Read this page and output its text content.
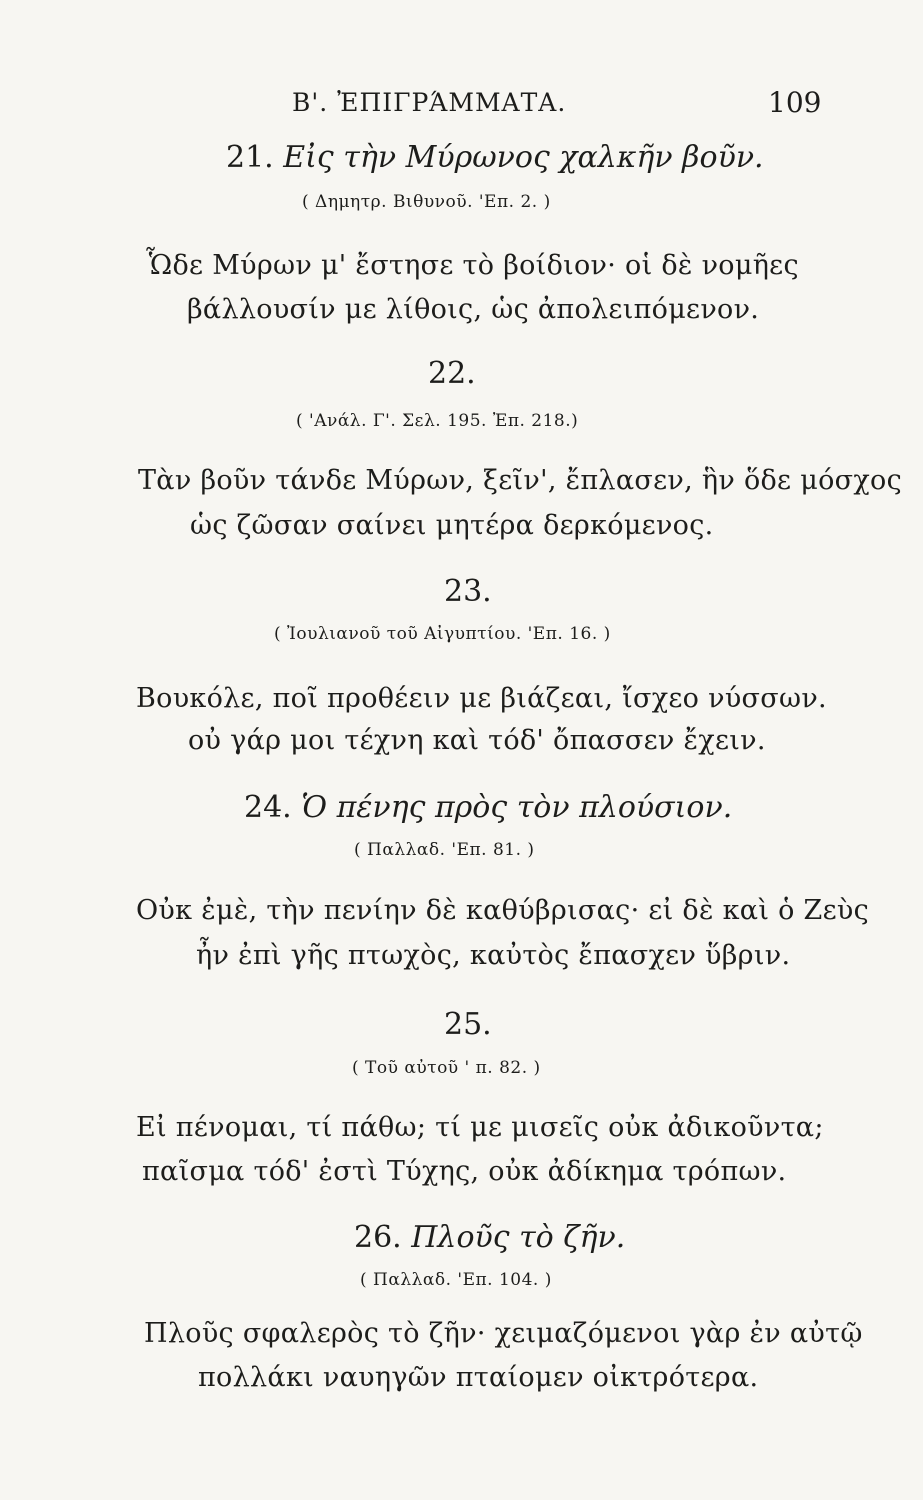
Β'. ἘΠΙΓΡΆΜΜΑΤΑ.	109
21. Εἰς τὴν Μύρωνος χαλκῆν βοῦν.
( Δημητρ. Βιθυνοῦ. 'Επ. 2. )
Ὧδε Μύρων μ' ἔστησε τὸ βοίδιον· οἱ δὲ νομῆες
βάλλουσίν με λίθοις, ὡς ἀπολειπόμενον.
22.
( 'Ανάλ. Γ'. Σελ. 195. Ἐπ. 218.)
Τὰν βοῦν τάνδε Μύρων, ξεῖν', ἔπλασεν, ἣν ὅδε μόσχος
ὡς ζῶσαν σαίνει μητέρα δερκόμενος.
23.
( Ἰουλιανοῦ τοῦ Αἰγυπτίου. 'Επ. 16. )
Βουκόλε, ποῖ προθέειν με βιάζεαι, ἴσχεο νύσσων.
οὐ γάρ μοι τέχνη καὶ τόδ' ὄπασσεν ἔχειν.
24. Ὁ πένης πρὸς τὸν πλούσιον.
( Παλλαδ. 'Επ. 81. )
Οὐκ ἐμὲ, τὴν πενίην δὲ καθύβρισας· εἰ δὲ καὶ ὁ Ζεὺς
ἦν ἐπὶ γῆς πτωχὸς, καὐτὸς ἔπασχεν ὕβριν.
25.
( Τοῦ αὐτοῦ ' π. 82. )
Εἰ πένομαι, τί πάθω; τί με μισεῖς οὐκ ἀδικοῦντα;
παῖσμα τόδ' ἐστὶ Τύχης, οὐκ ἀδίκημα τρόπων.
26. Πλοῦς τὸ ζῆν.
( Παλλαδ. 'Επ. 104. )
Πλοῦς σφαλερὸς τὸ ζῆν· χειμαζόμενοι γὰρ ἐν αὐτῷ
πολλάκι ναυηγῶν πταίομεν οἰκτρότερα.
